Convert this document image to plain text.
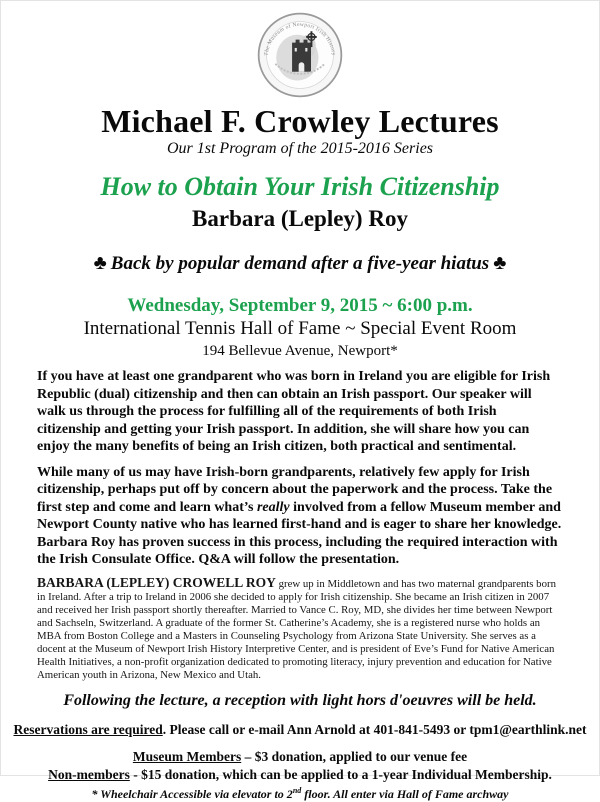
The Museum of Newport Irish History
Michael F. Crowley Lectures
Our 1st Program of the 2015-2016 Series
How to Obtain Your Irish Citizenship
Barbara (Lepley) Roy
♣ Back by popular demand after a five-year hiatus ♣
Wednesday, September 9, 2015 ~ 6:00 p.m.
International Tennis Hall of Fame ~ Special Event Room
194 Bellevue Avenue, Newport*
If you have at least one grandparent who was born in Ireland you are eligible for Irish Republic (dual) citizenship and then can obtain an Irish passport. Our speaker will walk us through the process for fulfilling all of the requirements of both Irish citizenship and getting your Irish passport. In addition, she will share how you can enjoy the many benefits of being an Irish citizen, both practical and sentimental.
While many of us may have Irish-born grandparents, relatively few apply for Irish citizenship, perhaps put off by concern about the paperwork and the process. Take the first step and come and learn what’s really involved from a fellow Museum member and Newport County native who has learned first-hand and is eager to share her knowledge. Barbara Roy has proven success in this process, including the required interaction with the Irish Consulate Office. Q&A will follow the presentation.
BARBARA (LEPLEY) CROWELL ROY grew up in Middletown and has two maternal grandparents born in Ireland. After a trip to Ireland in 2006 she decided to apply for Irish citizenship. She became an Irish citizen in 2007 and received her Irish passport shortly thereafter. Married to Vance C. Roy, MD, she divides her time between Newport and Sachseln, Switzerland. A graduate of the former St. Catherine’s Academy, she is a registered nurse who holds an MBA from Boston College and a Masters in Counseling Psychology from Arizona State University. She serves as a docent at the Museum of Newport Irish History Interpretive Center, and is president of Eve’s Fund for Native American Health Initiatives, a non-profit organization dedicated to promoting literacy, injury prevention and education for Native American youth in Arizona, New Mexico and Utah.
Following the lecture, a reception with light hors d'oeuvres will be held.
Reservations are required. Please call or e-mail Ann Arnold at 401-841-5493 or tpm1@earthlink.net
Museum Members – $3 donation, applied to our venue fee
Non-members - $15 donation, which can be applied to a 1-year Individual Membership.
* Wheelchair Accessible via elevator to 2nd floor. All enter via Hall of Fame archway
